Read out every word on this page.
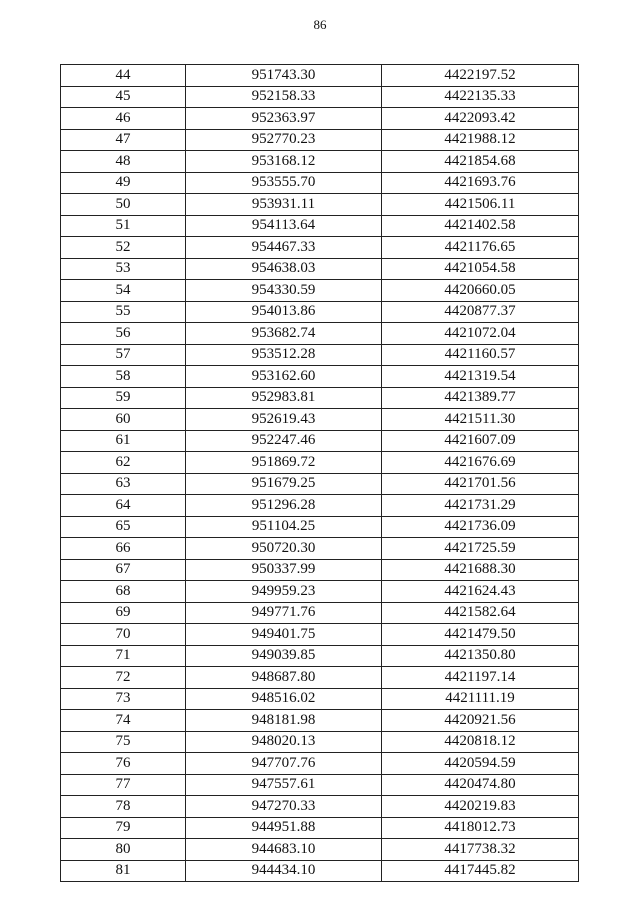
86
44	951743.30	4422197.52
45	952158.33	4422135.33
46	952363.97	4422093.42
47	952770.23	4421988.12
48	953168.12	4421854.68
49	953555.70	4421693.76
50	953931.11	4421506.11
51	954113.64	4421402.58
52	954467.33	4421176.65
53	954638.03	4421054.58
54	954330.59	4420660.05
55	954013.86	4420877.37
56	953682.74	4421072.04
57	953512.28	4421160.57
58	953162.60	4421319.54
59	952983.81	4421389.77
60	952619.43	4421511.30
61	952247.46	4421607.09
62	951869.72	4421676.69
63	951679.25	4421701.56
64	951296.28	4421731.29
65	951104.25	4421736.09
66	950720.30	4421725.59
67	950337.99	4421688.30
68	949959.23	4421624.43
69	949771.76	4421582.64
70	949401.75	4421479.50
71	949039.85	4421350.80
72	948687.80	4421197.14
73	948516.02	4421111.19
74	948181.98	4420921.56
75	948020.13	4420818.12
76	947707.76	4420594.59
77	947557.61	4420474.80
78	947270.33	4420219.83
79	944951.88	4418012.73
80	944683.10	4417738.32
81	944434.10	4417445.82
